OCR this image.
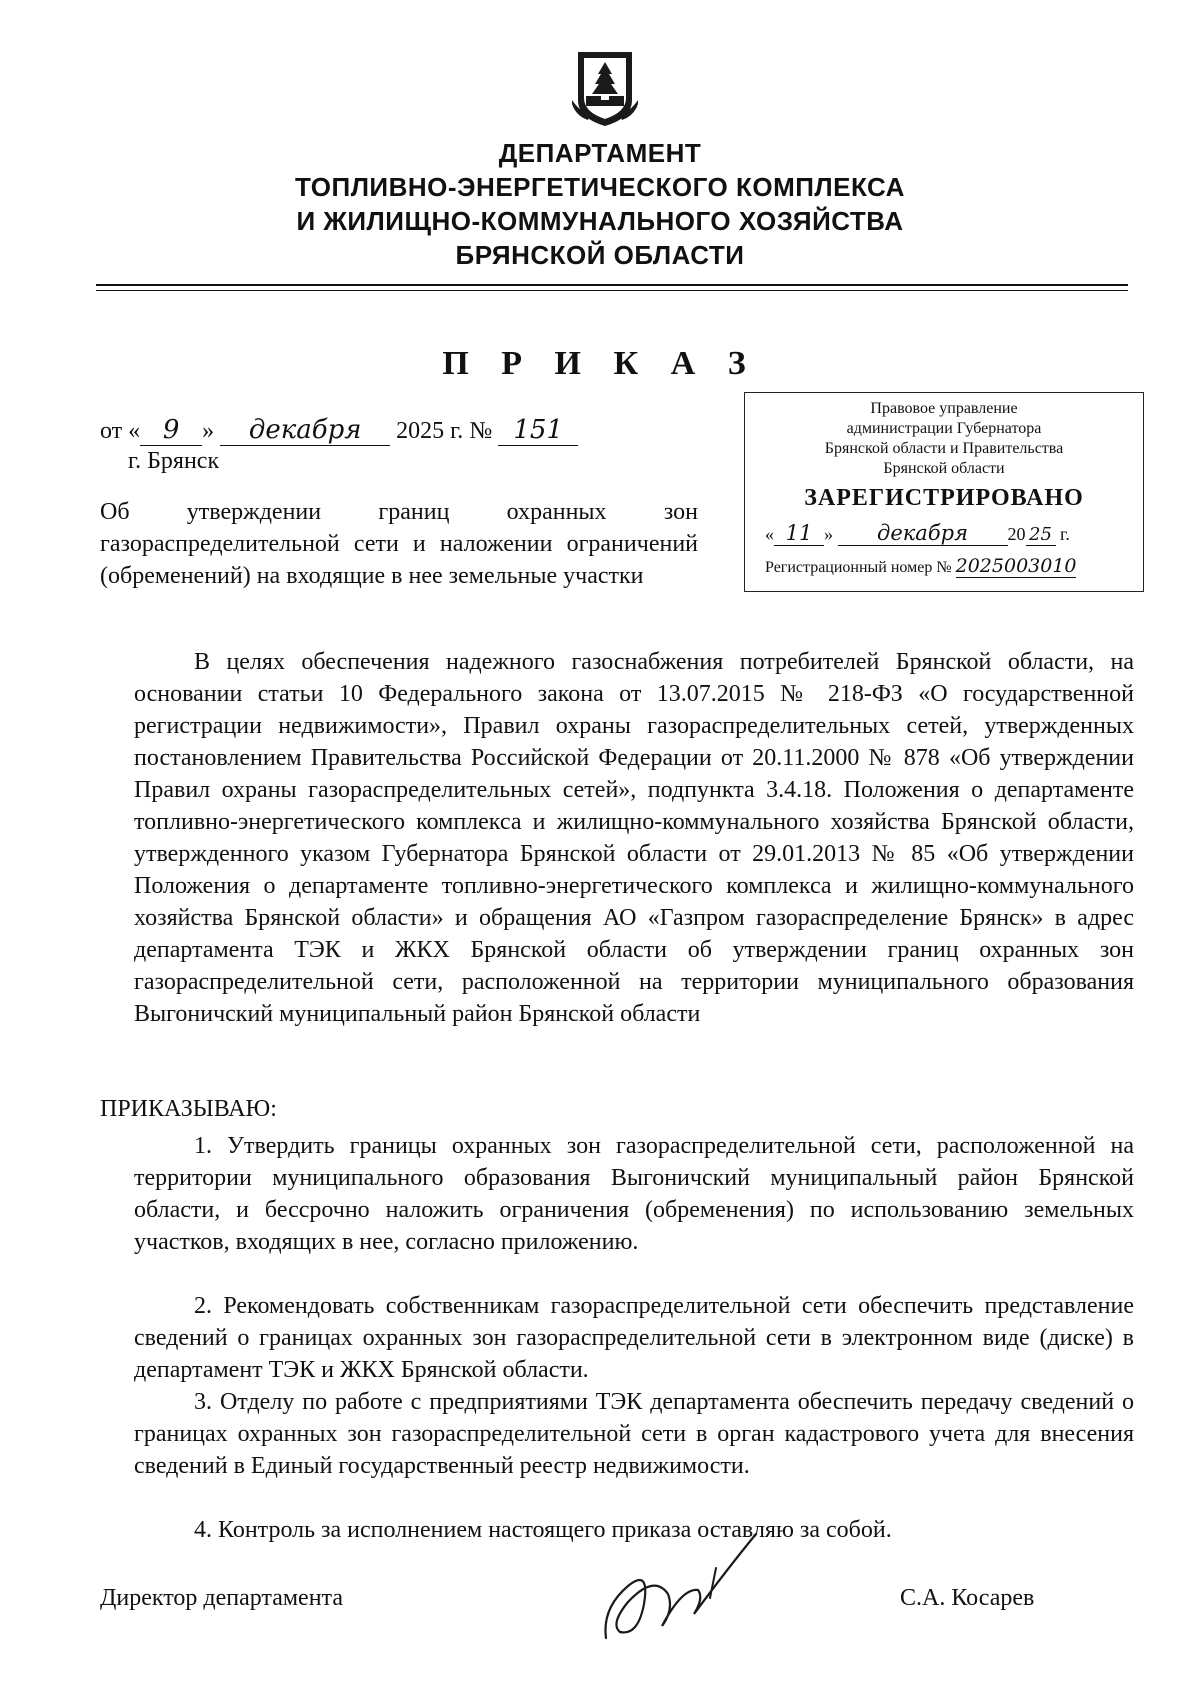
ДЕПАРТАМЕНТ
ТОПЛИВНО-ЭНЕРГЕТИЧЕСКОГО КОМПЛЕКСА
И ЖИЛИЩНО-КОММУНАЛЬНОГО ХОЗЯЙСТВА
БРЯНСКОЙ ОБЛАСТИ
П Р И К А З
от « 9 » декабря 2025 г. № 151
г. Брянск
Об утверждении границ охранных зон газораспределительной сети и наложении ограничений (обременений) на входящие в нее земельные участки
Правовое управление
администрации Губернатора
Брянской области и Правительства
Брянской области
ЗАРЕГИСТРИРОВАНО
« 11 » декабря 20 25 г.
Регистрационный номер № 2025003010
В целях обеспечения надежного газоснабжения потребителей Брянской области, на основании статьи 10 Федерального закона от 13.07.2015 № 218-ФЗ «О государственной регистрации недвижимости», Правил охраны газораспределительных сетей, утвержденных постановлением Правительства Российской Федерации от 20.11.2000 № 878 «Об утверждении Правил охраны газораспределительных сетей», подпункта 3.4.18. Положения о департаменте топливно-энергетического комплекса и жилищно-коммунального хозяйства Брянской области, утвержденного указом Губернатора Брянской области от 29.01.2013 № 85 «Об утверждении Положения о департаменте топливно-энергетического комплекса и жилищно-коммунального хозяйства Брянской области» и обращения АО «Газпром газораспределение Брянск» в адрес департамента ТЭК и ЖКХ Брянской области об утверждении границ охранных зон газораспределительной сети, расположенной на территории муниципального образования Выгоничский муниципальный район Брянской области
ПРИКАЗЫВАЮ:
1. Утвердить границы охранных зон газораспределительной сети, расположенной на территории муниципального образования Выгоничский муниципальный район Брянской области, и бессрочно наложить ограничения (обременения) по использованию земельных участков, входящих в нее, согласно приложению.
2. Рекомендовать собственникам газораспределительной сети обеспечить представление сведений о границах охранных зон газораспределительной сети в электронном виде (диске) в департамент ТЭК и ЖКХ Брянской области.
3. Отделу по работе с предприятиями ТЭК департамента обеспечить передачу сведений о границах охранных зон газораспределительной сети в орган кадастрового учета для внесения сведений в Единый государственный реестр недвижимости.
4. Контроль за исполнением настоящего приказа оставляю за собой.
Директор департамента	С.А. Косарев
